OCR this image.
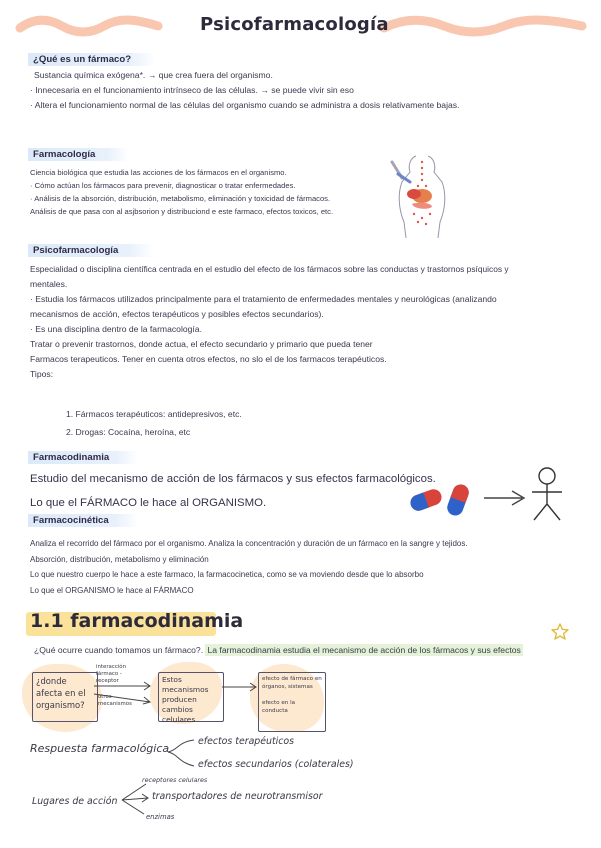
Psicofarmacología
¿Qué es un fármaco?
Sustancia química exógena*. → que crea fuera del organismo.
· Innecesaria en el funcionamiento intrínseco de las células. → se puede vivir sin eso
· Altera el funcionamiento normal de las células del organismo cuando se administra a dosis relativamente bajas.
Farmacología
Ciencia biológica que estudia las acciones de los fármacos en el organismo.
· Cómo actúan los fármacos para prevenir, diagnosticar o tratar enfermedades.
· Análisis de la absorción, distribución, metabolismo, eliminación y toxicidad de fármacos.
Análisis de que pasa con al asjbsorion y distribuciond e este farmaco, efectos toxicos, etc.
Psicofarmacología
Especialidad o disciplina científica centrada en el estudio del efecto de los fármacos sobre las conductas y trastornos psíquicos y
mentales.
· Estudia los fármacos utilizados principalmente para el tratamiento de enfermedades mentales y neurológicas (analizando
mecanismos de acción, efectos terapéuticos y posibles efectos secundarios).
· Es una disciplina dentro de la farmacología.
Tratar o prevenir trastornos, donde actua, el efecto secundario y primario que pueda tener
Farmacos terapeuticos. Tener en cuenta otros efectos, no slo el de los farmacos terapéuticos.
Tipos:
1. Fármacos terapéuticos: antidepresivos, etc.
2. Drogas: Cocaína, heroína, etc
Farmacodinamia
Estudio del mecanismo de acción de los fármacos y sus efectos farmacológicos.
Lo que el FÁRMACO le hace al ORGANISMO.
Farmacocinética
Analiza el recorrido del fármaco por el organismo. Analiza la concentración y duración de un fármaco en la sangre y tejidos.
Absorción, distribución, metabolismo y eliminación
Lo que nuestro cuerpo le hace a este farmaco, la farmacocinetica, como se va moviendo desde que lo absorbo
Lo que el ORGANISMO le hace al FÁRMACO
1.1 farmacodinamia
¿Qué ocurre cuando tomamos un fármaco?. La farmacodinamia estudia el mecanismo de acción de los fármacos y sus efectos
¿donde afecta en el organismo?
interacción fármaco - receptor
otros mecanismos
Estos mecanismos producen cambios celulares
efecto de fármaco en órganos, sistemas
efecto en la conducta
Respuesta farmacológica
efectos terapéuticos
efectos secundarios (colaterales)
Lugares de acción
receptores celulares
transportadores de neurotransmisor
enzimas
